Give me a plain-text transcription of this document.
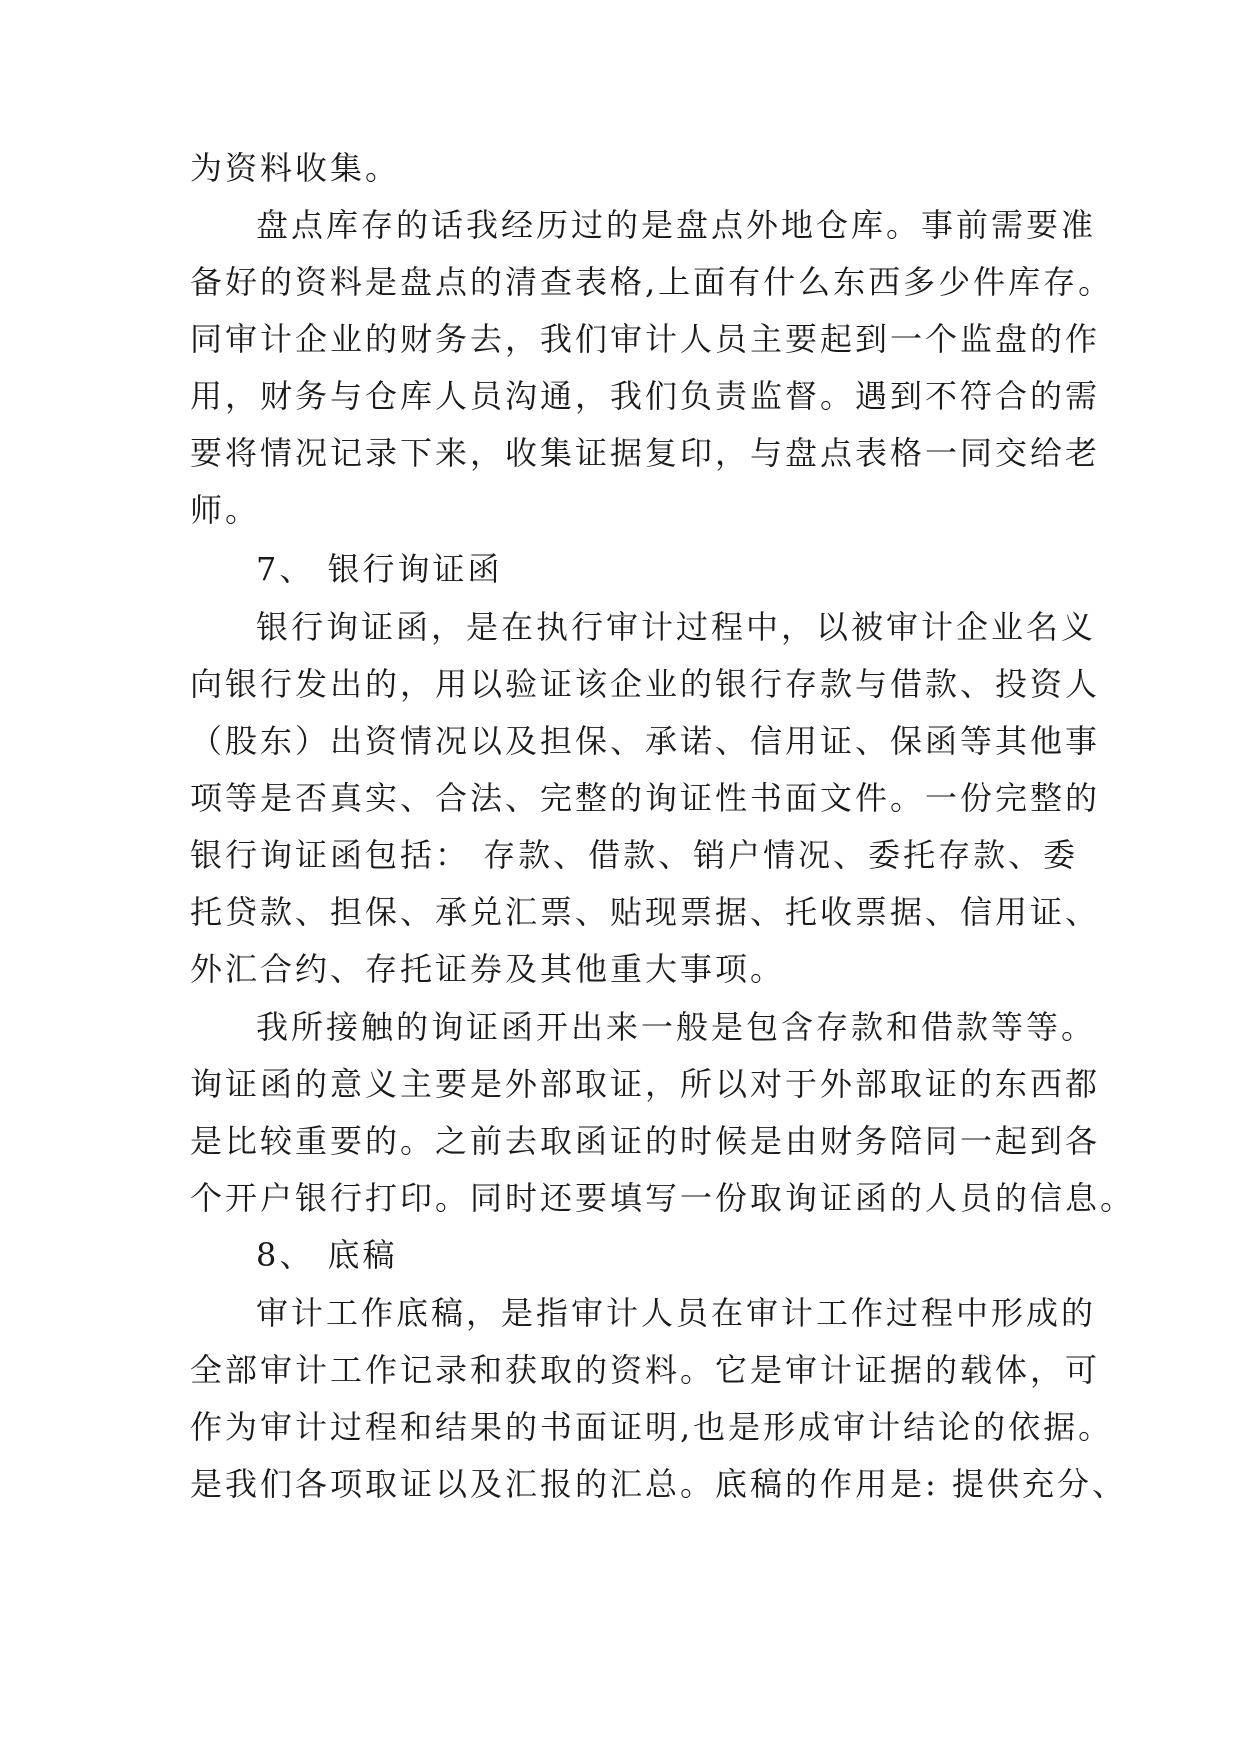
为资料收集。
盘点库存的话我经历过的是盘点外地仓库。事前需要准
备好的资料是盘点的清查表格,上面有什么东西多少件库存。
同审计企业的财务去，我们审计人员主要起到一个监盘的作
用，财务与仓库人员沟通，我们负责监督。遇到不符合的需
要将情况记录下来，收集证据复印，与盘点表格一同交给老
师。
7、 银行询证函
银行询证函，是在执行审计过程中，以被审计企业名义
向银行发出的，用以验证该企业的银行存款与借款、投资人
（股东）出资情况以及担保、承诺、信用证、保函等其他事
项等是否真实、合法、完整的询证性书面文件。一份完整的
银行询证函包括： 存款、借款、销户情况、委托存款、委
托贷款、担保、承兑汇票、贴现票据、托收票据、信用证、
外汇合约、存托证券及其他重大事项。
我所接触的询证函开出来一般是包含存款和借款等等。
询证函的意义主要是外部取证，所以对于外部取证的东西都
是比较重要的。之前去取函证的时候是由财务陪同一起到各
个开户银行打印。同时还要填写一份取询证函的人员的信息。
8、 底稿
审计工作底稿，是指审计人员在审计工作过程中形成的
全部审计工作记录和获取的资料。它是审计证据的载体，可
作为审计过程和结果的书面证明,也是形成审计结论的依据。
是我们各项取证以及汇报的汇总。底稿的作用是: 提供充分、
